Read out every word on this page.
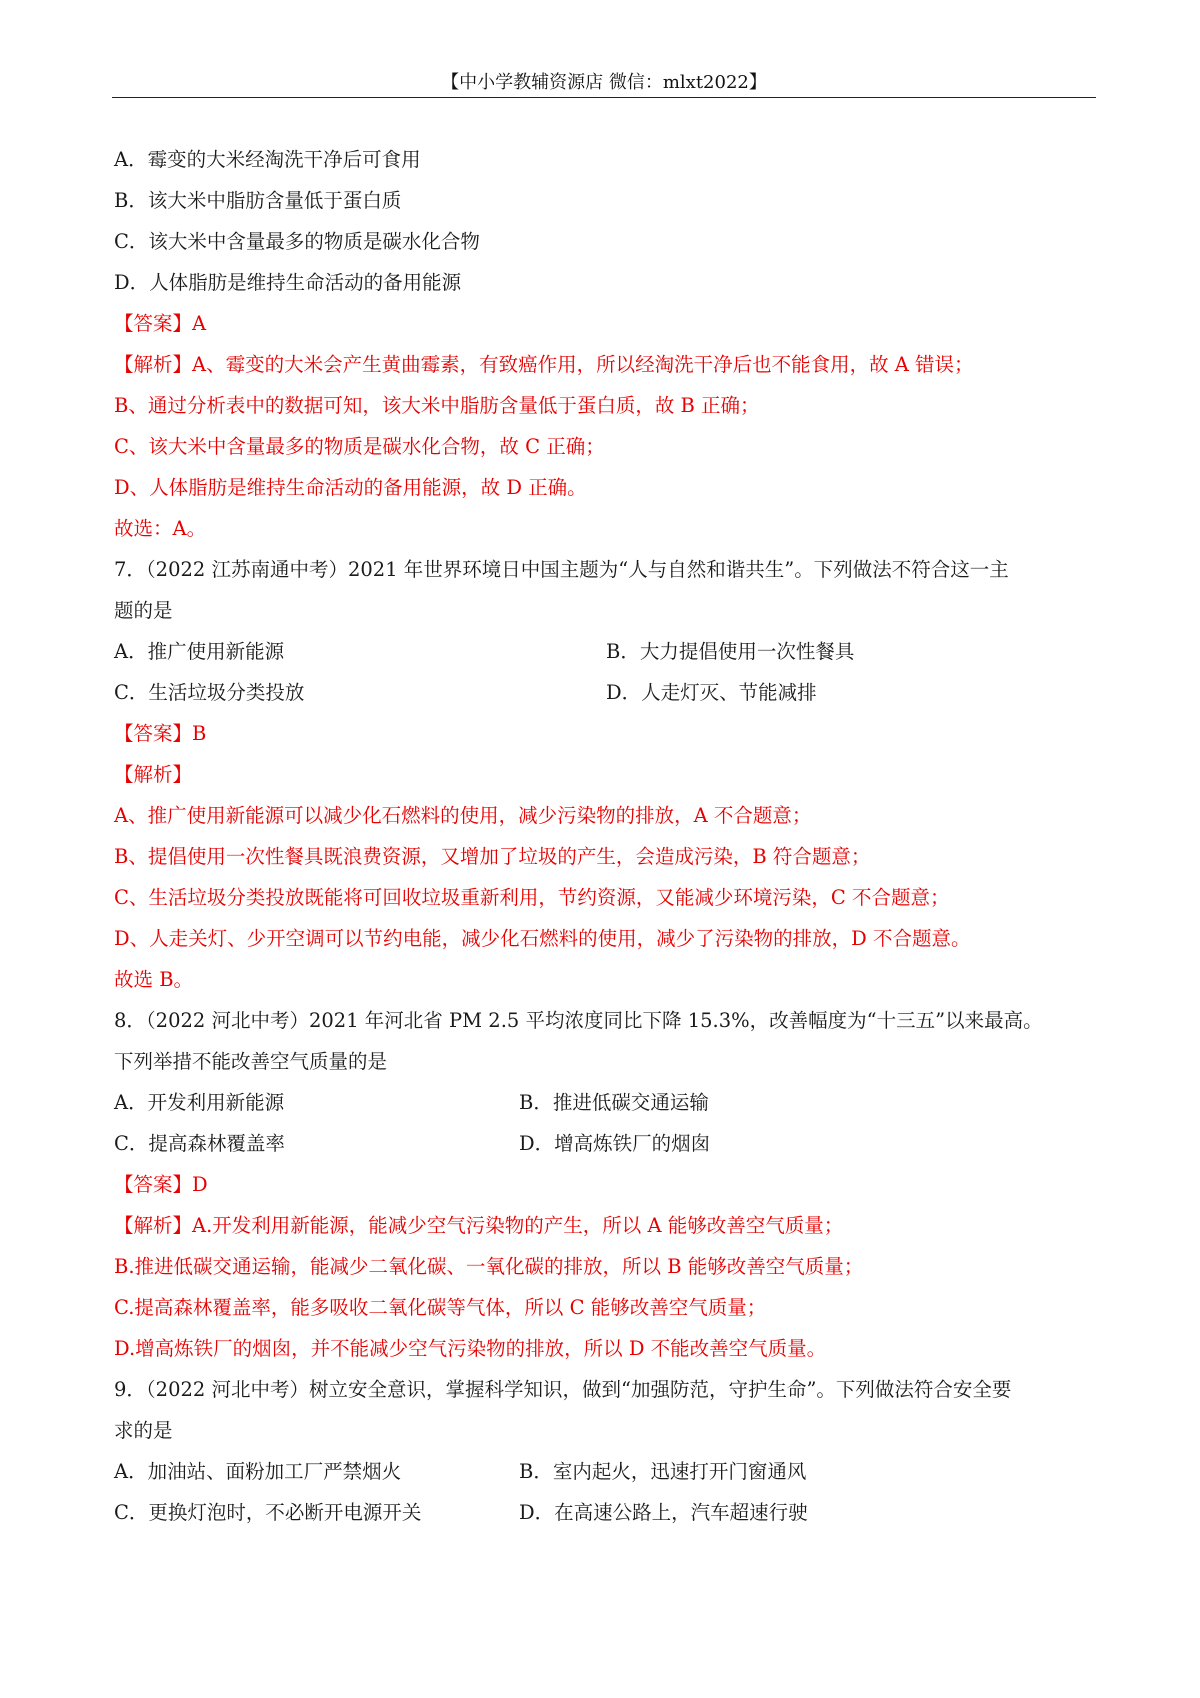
【中小学教辅资源店 微信：mlxt2022】
A．霉变的大米经淘洗干净后可食用
B．该大米中脂肪含量低于蛋白质
C．该大米中含量最多的物质是碳水化合物
D．人体脂肪是维持生命活动的备用能源
【答案】A
【解析】A、霉变的大米会产生黄曲霉素，有致癌作用，所以经淘洗干净后也不能食用，故 A 错误；
B、通过分析表中的数据可知，该大米中脂肪含量低于蛋白质，故 B 正确；
C、该大米中含量最多的物质是碳水化合物，故 C 正确；
D、人体脂肪是维持生命活动的备用能源，故 D 正确。
故选：A。
7．（2022 江苏南通中考）2021 年世界环境日中国主题为“人与自然和谐共生”。下列做法不符合这一主
题的是
A．推广使用新能源	B．大力提倡使用一次性餐具
C．生活垃圾分类投放	D．人走灯灭、节能减排
【答案】B
【解析】
A、推广使用新能源可以减少化石燃料的使用，减少污染物的排放，A 不合题意；
B、提倡使用一次性餐具既浪费资源，又增加了垃圾的产生，会造成污染，B 符合题意；
C、生活垃圾分类投放既能将可回收垃圾重新利用，节约资源，又能减少环境污染，C 不合题意；
D、人走关灯、少开空调可以节约电能，减少化石燃料的使用，减少了污染物的排放，D 不合题意。
故选 B。
8．（2022 河北中考）2021 年河北省 PM 2.5 平均浓度同比下降 15.3%，改善幅度为“十三五”以来最高。
下列举措不能改善空气质量的是
A．开发利用新能源	B．推进低碳交通运输
C．提高森林覆盖率	D．增高炼铁厂的烟囱
【答案】D
【解析】A.开发利用新能源，能减少空气污染物的产生，所以 A 能够改善空气质量；
B.推进低碳交通运输，能减少二氧化碳、一氧化碳的排放，所以 B 能够改善空气质量；
C.提高森林覆盖率，能多吸收二氧化碳等气体，所以 C 能够改善空气质量；
D.增高炼铁厂的烟囱，并不能减少空气污染物的排放，所以 D 不能改善空气质量。
9．（2022 河北中考）树立安全意识，掌握科学知识，做到“加强防范，守护生命”。下列做法符合安全要
求的是
A．加油站、面粉加工厂严禁烟火	B．室内起火，迅速打开门窗通风
C．更换灯泡时，不必断开电源开关	D．在高速公路上，汽车超速行驶
